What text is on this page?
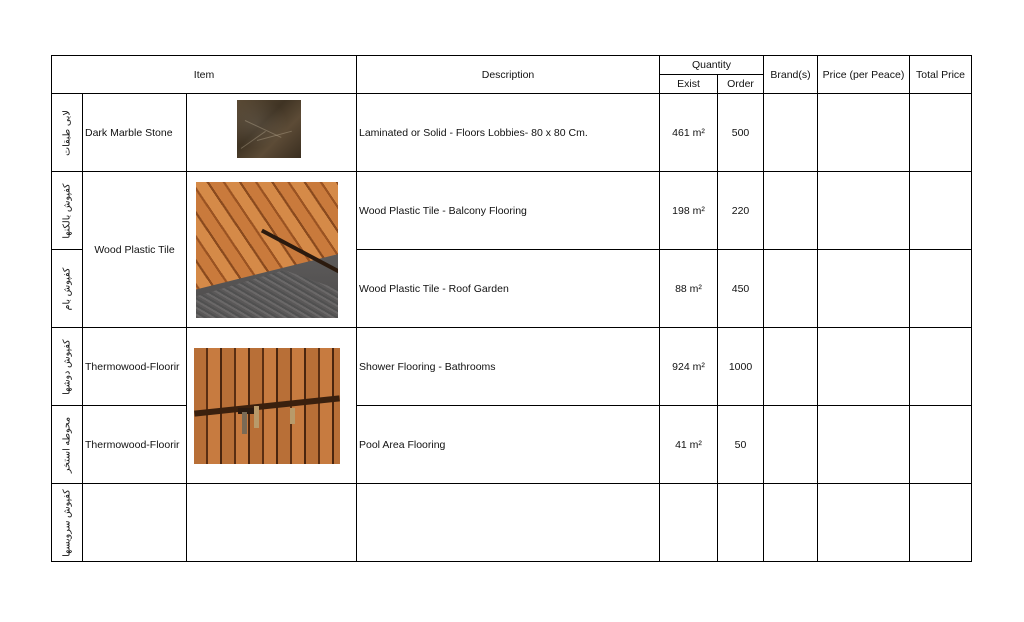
Item			Description	Quantity		Brand(s)	Price (per Peace)	Total Price
				Exist	Order			

لابی طبقات	Dark Marble Stone		Laminated or Solid - Floors Lobbies- 80 x 80 Cm.	461 m²	500			

کفپوش بالکنها	Wood Plastic Tile		Wood Plastic Tile - Balcony Flooring	198 m²	220			

کفپوش بام			Wood Plastic Tile - Roof Garden	88 m²	450			

کفپوش دوشها	Thermowood-Floorir		Shower Flooring - Bathrooms	924 m²	1000			

محوطه استخر	Thermowood-Floorir		Pool Area Flooring	41 m²	50			

کفپوش سرویسها								
